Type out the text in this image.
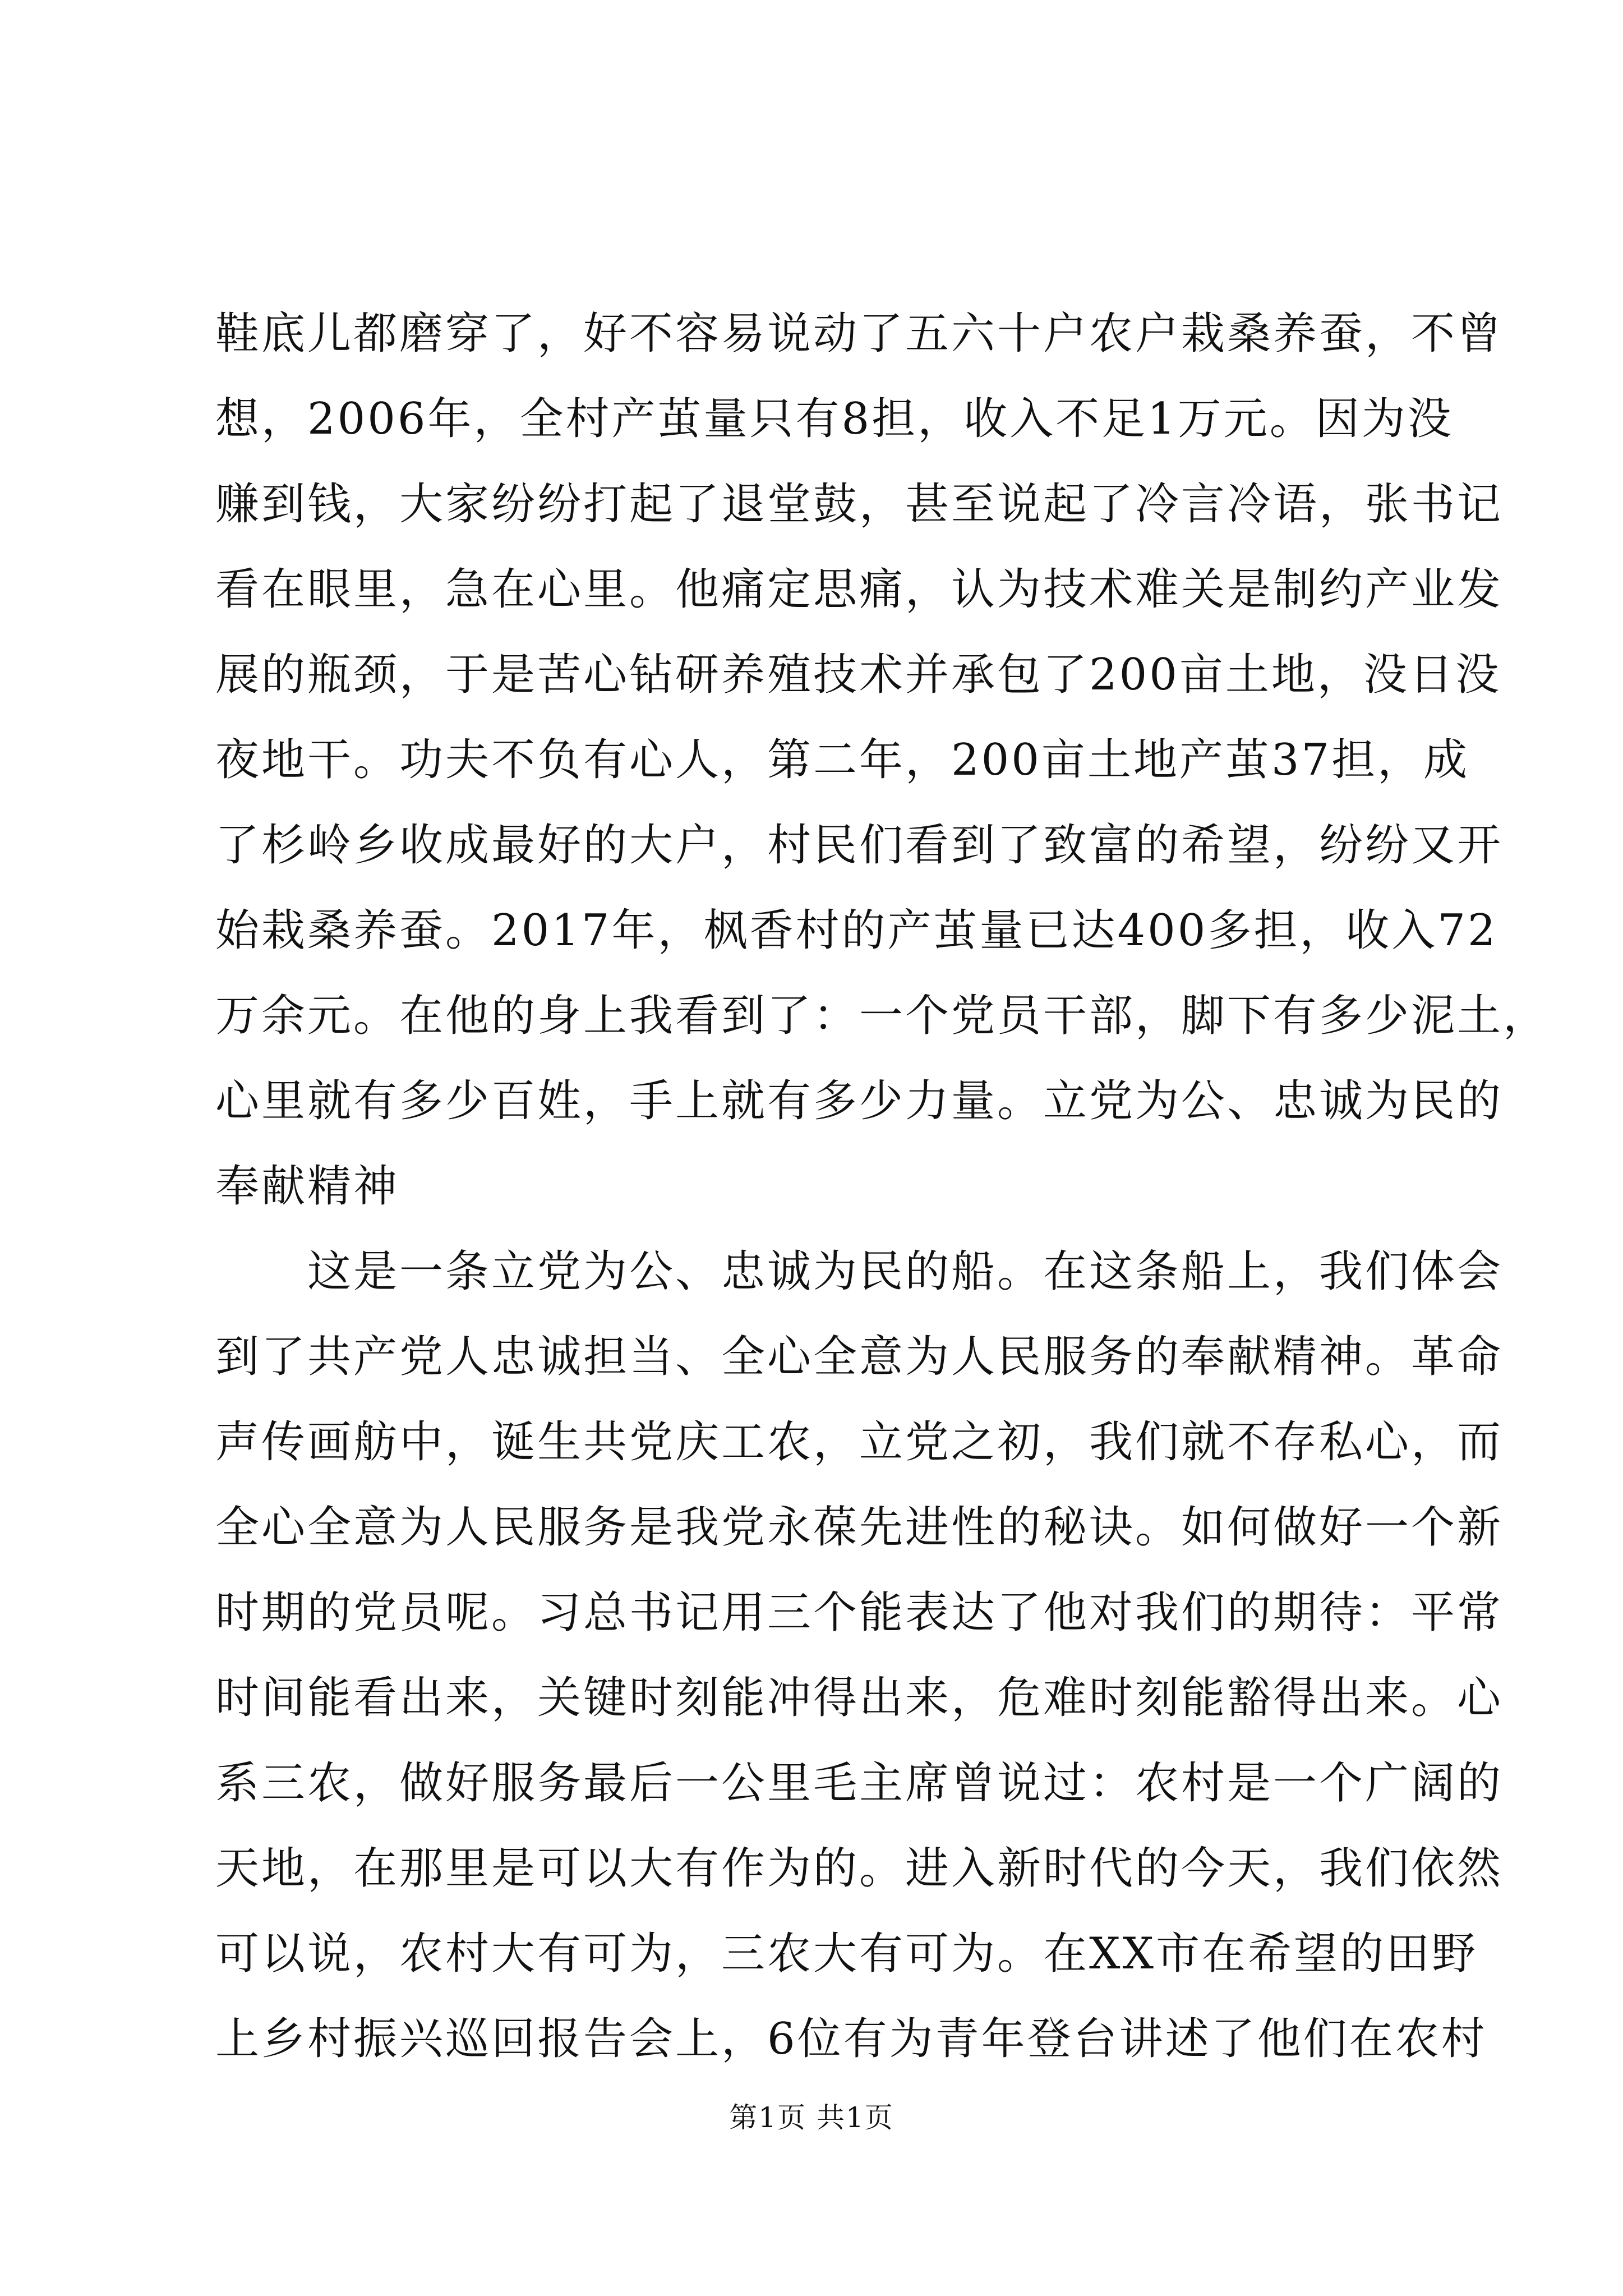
鞋底儿都磨穿了，好不容易说动了五六十户农户栽桑养蚕，不曾
想，2006年，全村产茧量只有8担，收入不足1万元。因为没
赚到钱，大家纷纷打起了退堂鼓，甚至说起了冷言冷语，张书记
看在眼里，急在心里。他痛定思痛，认为技术难关是制约产业发
展的瓶颈，于是苦心钻研养殖技术并承包了200亩土地，没日没
夜地干。功夫不负有心人，第二年，200亩土地产茧37担，成
了杉岭乡收成最好的大户，村民们看到了致富的希望，纷纷又开
始栽桑养蚕。2017年，枫香村的产茧量已达400多担，收入72
万余元。在他的身上我看到了：一个党员干部，脚下有多少泥土，
心里就有多少百姓，手上就有多少力量。立党为公、忠诚为民的
奉献精神
　　这是一条立党为公、忠诚为民的船。在这条船上，我们体会
到了共产党人忠诚担当、全心全意为人民服务的奉献精神。革命
声传画舫中，诞生共党庆工农，立党之初，我们就不存私心，而
全心全意为人民服务是我党永葆先进性的秘诀。如何做好一个新
时期的党员呢。习总书记用三个能表达了他对我们的期待：平常
时间能看出来，关键时刻能冲得出来，危难时刻能豁得出来。心
系三农，做好服务最后一公里毛主席曾说过：农村是一个广阔的
天地，在那里是可以大有作为的。进入新时代的今天，我们依然
可以说，农村大有可为，三农大有可为。在XX市在希望的田野
上乡村振兴巡回报告会上，6位有为青年登台讲述了他们在农村
第1页 共1页
